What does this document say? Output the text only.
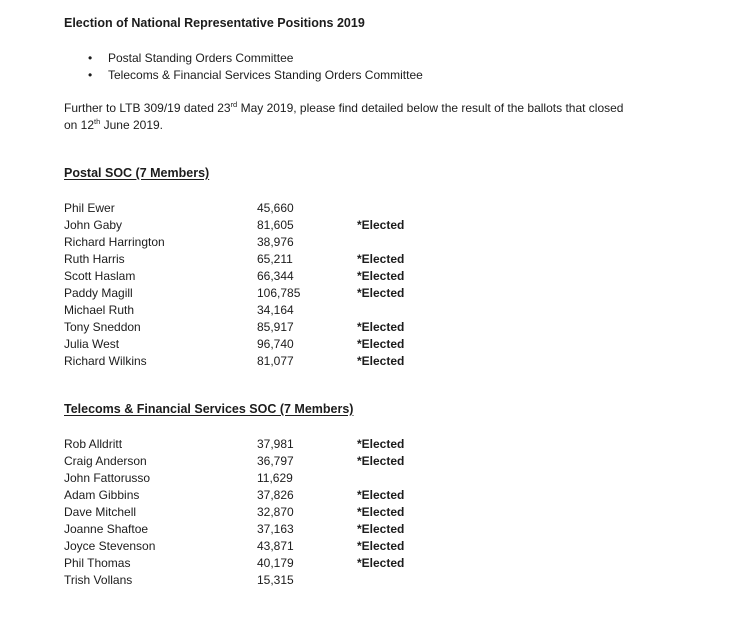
Election of National Representative Positions 2019
• Postal Standing Orders Committee
• Telecoms & Financial Services Standing Orders Committee

Further to LTB 309/19 dated 23rd May 2019, please find detailed below the result of the ballots that closed
on 12th June 2019.

Postal SOC (7 Members)
Phil Ewer	45,660
John Gaby	81,605	*Elected
Richard Harrington	38,976
Ruth Harris	65,211	*Elected
Scott Haslam	66,344	*Elected
Paddy Magill	106,785	*Elected
Michael Ruth	34,164
Tony Sneddon	85,917	*Elected
Julia West	96,740	*Elected
Richard Wilkins	81,077	*Elected
Telecoms & Financial Services SOC (7 Members)
Rob Alldritt	37,981	*Elected
Craig Anderson	36,797	*Elected
John Fattorusso	11,629
Adam Gibbins	37,826	*Elected
Dave Mitchell	32,870	*Elected
Joanne Shaftoe	37,163	*Elected
Joyce Stevenson	43,871	*Elected
Phil Thomas	40,179	*Elected
Trish Vollans	15,315
